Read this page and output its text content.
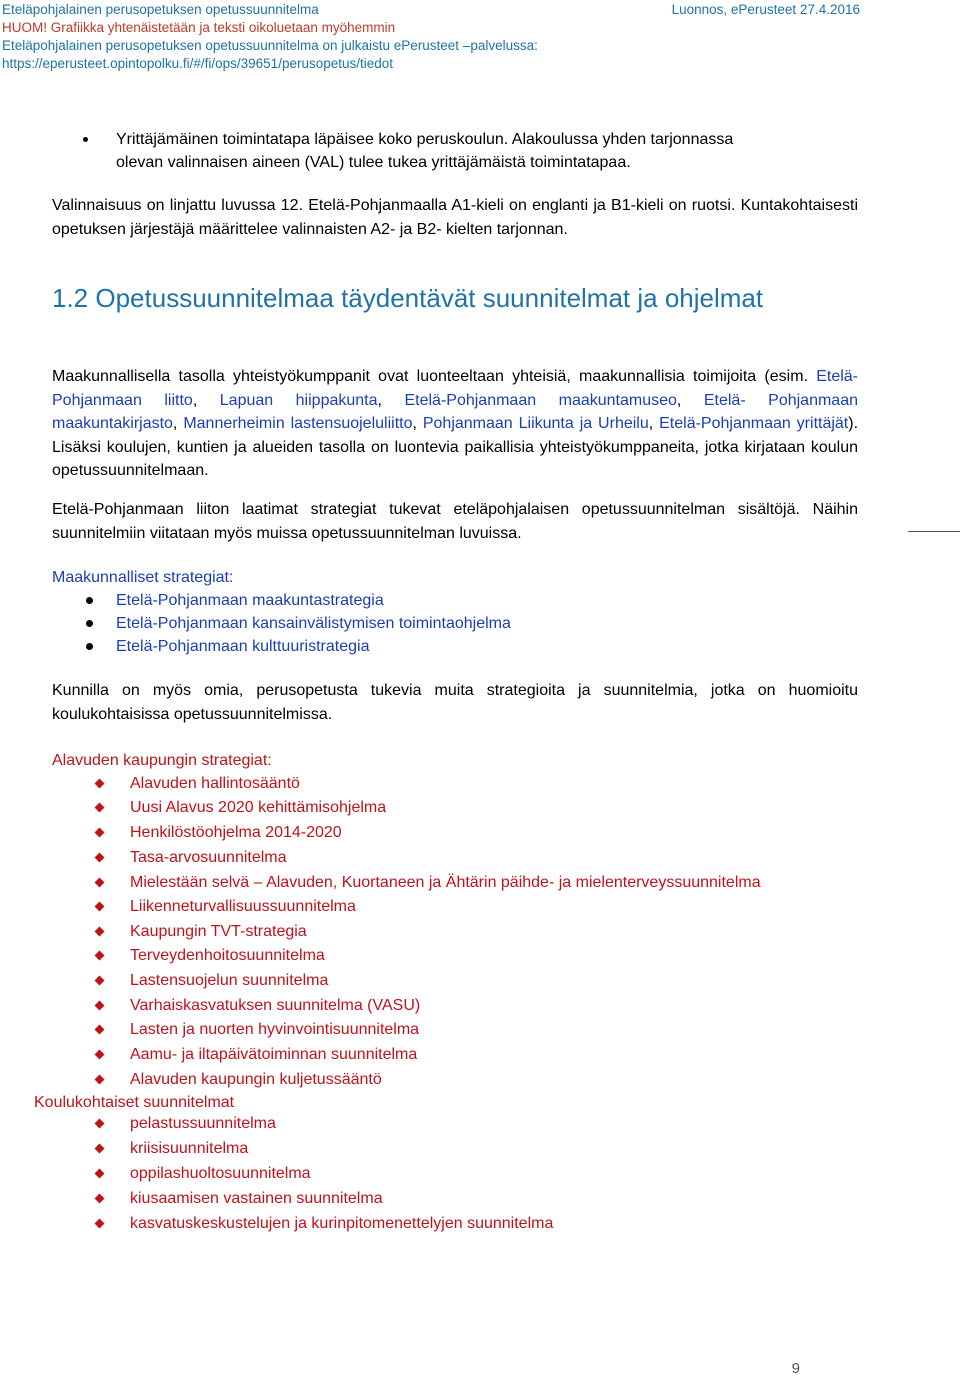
Eteläpohjalainen perusopetuksen opetussuunnitelma	Luonnos, ePerusteet 27.4.2016
HUOM! Grafiikka yhtenäistetään ja teksti oikoluetaan myöhemmin
Eteläpohjalainen perusopetuksen opetussuunnitelma on julkaistu ePerusteet –palvelussa:
https://eperusteet.opintopolku.fi/#/fi/ops/39651/perusopetus/tiedot
Yrittäjämäinen toimintatapa läpäisee koko peruskoulun. Alakoulussa yhden tarjonnassa
olevan valinnaisen aineen (VAL) tulee tukea yrittäjämäistä toimintatapaa.
Valinnaisuus on linjattu luvussa 12. Etelä-Pohjanmaalla A1-kieli on englanti ja B1-kieli on ruotsi. Kuntakohtaisesti opetuksen järjestäjä määrittelee valinnaisten A2- ja B2- kielten tarjonnan.
1.2 Opetussuunnitelmaa täydentävät suunnitelmat ja ohjelmat
Maakunnallisella tasolla yhteistyökumppanit ovat luonteeltaan yhteisiä, maakunnallisia toimijoita (esim. Etelä-Pohjanmaan liitto, Lapuan hiippakunta, Etelä-Pohjanmaan maakuntamuseo, Etelä- Pohjanmaan maakuntakirjasto, Mannerheimin lastensuojeluliitto, Pohjanmaan Liikunta ja Urheilu, Etelä-Pohjanmaan yrittäjät). Lisäksi koulujen, kuntien ja alueiden tasolla on luontevia paikallisia yhteistyökumppaneita, jotka kirjataan koulun opetussuunnitelmaan.
Etelä-Pohjanmaan liiton laatimat strategiat tukevat eteläpohjalaisen opetussuunnitelman sisältöjä. Näihin suunnitelmiin viitataan myös muissa opetussuunnitelman luvuissa.
Maakunnalliset strategiat:
Etelä-Pohjanmaan maakuntastrategia
Etelä-Pohjanmaan kansainvälistymisen toimintaohjelma
Etelä-Pohjanmaan kulttuuristrategia
Kunnilla on myös omia, perusopetusta tukevia muita strategioita ja suunnitelmia, jotka on huomioitu koulukohtaisissa opetussuunnitelmissa.
Alavuden kaupungin strategiat:
Alavuden hallintosääntö
Uusi Alavus 2020 kehittämisohjelma
Henkilöstöohjelma 2014-2020
Tasa-arvosuunnitelma
Mielestään selvä – Alavuden, Kuortaneen ja Ähtärin päihde- ja mielenterveyssuunnitelma
Liikenneturvallisuussuunnitelma
Kaupungin TVT-strategia
Terveydenhoitosuunnitelma
Lastensuojelun suunnitelma
Varhaiskasvatuksen suunnitelma (VASU)
Lasten ja nuorten hyvinvointisuunnitelma
Aamu- ja iltapäivätoiminnan suunnitelma
Alavuden kaupungin kuljetussääntö
Koulukohtaiset suunnitelmat
pelastussuunnitelma
kriisisuunnitelma
oppilashuoltosuunnitelma
kiusaamisen vastainen suunnitelma
kasvatuskeskustelujen ja kurinpitomenettelyjen suunnitelma
9
